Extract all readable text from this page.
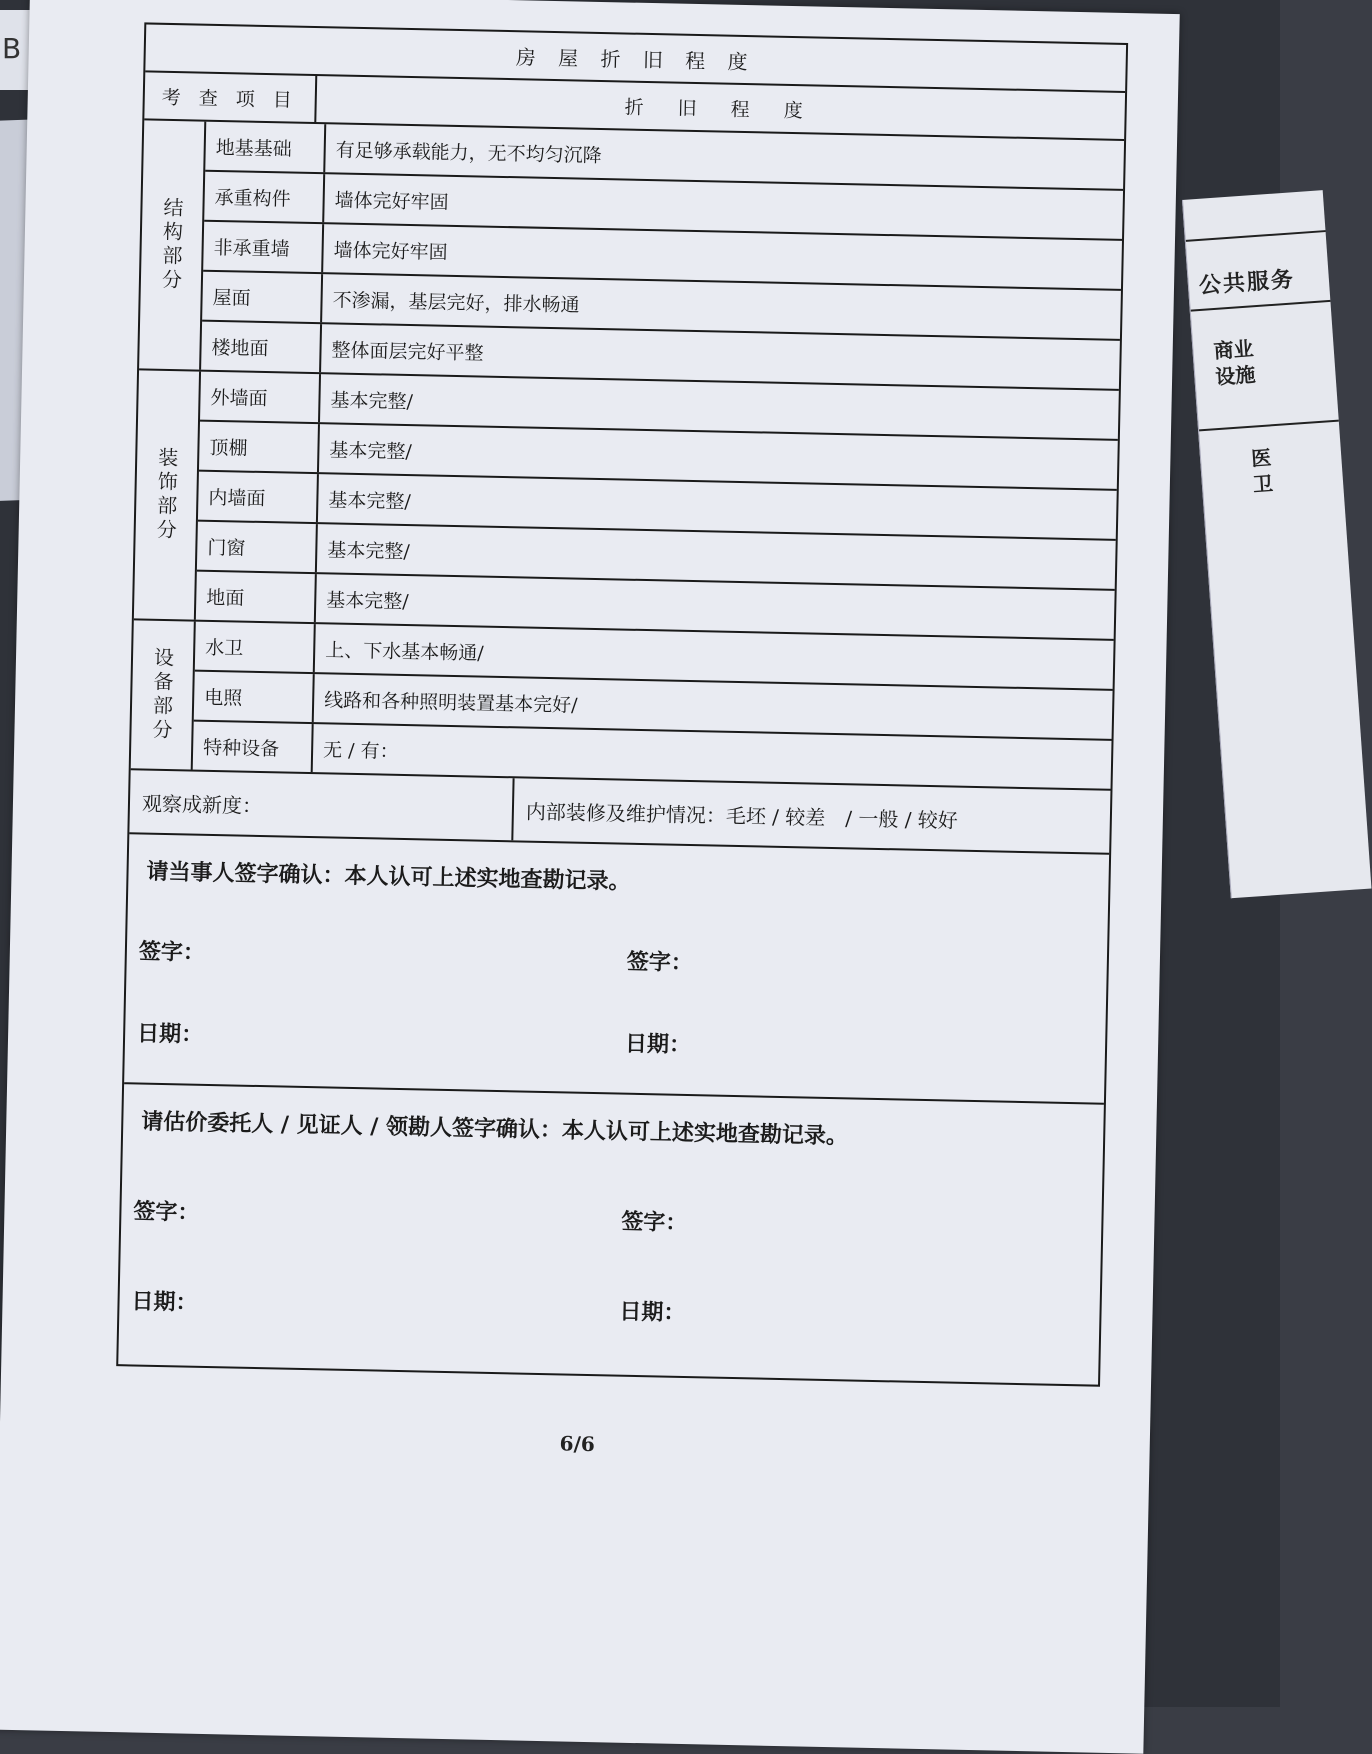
B
公共服务
商业设施
医卫
房 屋 折 旧 程 度
考 查 项 目	折 旧 程 度
结构部分
地基基础	有足够承载能力，无不均匀沉降
承重构件	墙体完好牢固
非承重墙	墙体完好牢固
屋面	不渗漏，基层完好，排水畅通
楼地面	整体面层完好平整
装饰部分
外墙面	基本完整/
顶棚	基本完整/
内墙面	基本完整/
门窗	基本完整/
地面	基本完整/
设备部分	水卫	上、下水基本畅通/
电照	线路和各种照明装置基本完好/
特种设备	无 / 有：
观察成新度：	内部装修及维护情况：毛坯 / 较差　/ 一般 / 较好
请当事人签字确认：本人认可上述实地查勘记录。
签字：	签字：
日期：	日期：
请估价委托人 / 见证人 / 领勘人签字确认：本人认可上述实地查勘记录。
签字：	签字：
日期：	日期：
6/6
